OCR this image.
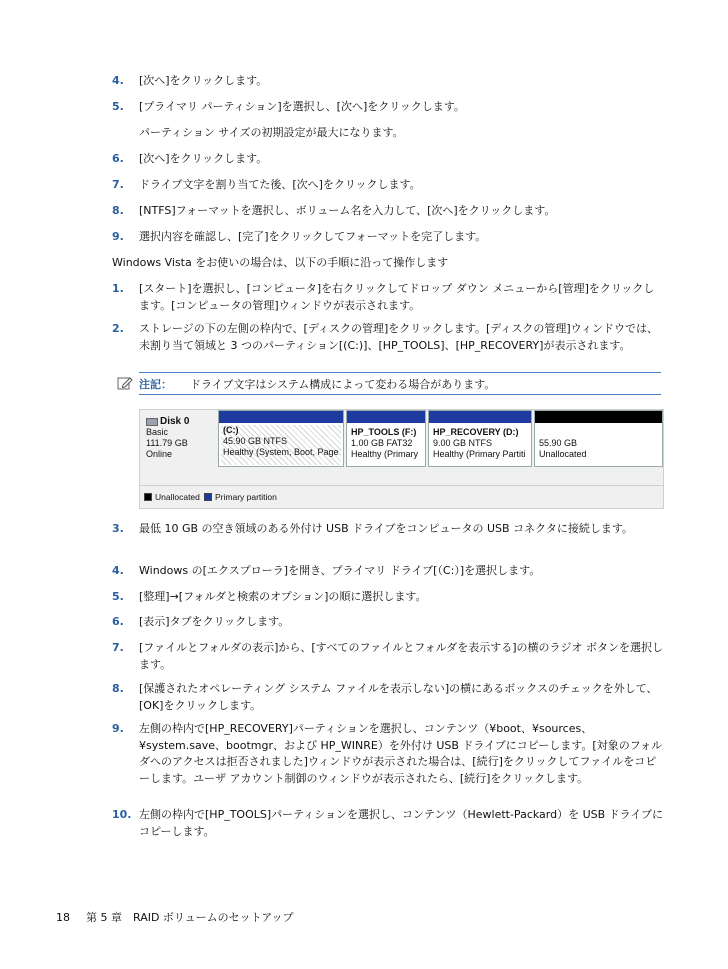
4.	[次へ]をクリックします。
5.	[プライマリ パーティション]を選択し、[次へ]をクリックします。
パーティション サイズの初期設定が最大になります。
6.	[次へ]をクリックします。
7.	ドライブ文字を割り当てた後、[次へ]をクリックします。
8.	[NTFS]フォーマットを選択し、ボリューム名を入力して、[次へ]をクリックします。
9.	選択内容を確認し、[完了]をクリックしてフォーマットを完了します。
Windows Vista をお使いの場合は、以下の手順に沿って操作します
1.	[スタート]を選択し、[コンピュータ]を右クリックしてドロップ ダウン メニューから[管理]をクリックします。[コンピュータの管理]ウィンドウが表示されます。
2.	ストレージの下の左側の枠内で、[ディスクの管理]をクリックします。[ディスクの管理]ウィンドウでは、未割り当て領域と 3 つのパーティション[(C:)]、[HP_TOOLS]、[HP_RECOVERY]が表示されます。
注記： ドライブ文字はシステム構成によって変わる場合があります。
Disk 0
Basic
111.79 GB
Online
(C:)
45.90 GB NTFS
Healthy (System, Boot, Page
HP_TOOLS (F:)
1.00 GB FAT32
Healthy (Primary
HP_RECOVERY (D:)
9.00 GB NTFS
Healthy (Primary Partiti
55.90 GB
Unallocated
Unallocated	Primary partition
3.	最低 10 GB の空き領域のある外付け USB ドライブをコンピュータの USB コネクタに接続します。
4.	Windows の[エクスプローラ]を開き、プライマリ ドライブ[（C:）]を選択します。
5.	[整理]→[フォルダと検索のオプション]の順に選択します。
6.	[表示]タブをクリックします。
7.	[ファイルとフォルダの表示]から、[すべてのファイルとフォルダを表示する]の横のラジオ ボタンを選択します。
8.	[保護されたオペレーティング システム ファイルを表示しない]の横にあるボックスのチェックを外して、[OK]をクリックします。
9.	左側の枠内で[HP_RECOVERY]パーティションを選択し、コンテンツ（¥boot、¥sources、¥system.save、bootmgr、および HP_WINRE）を外付け USB ドライブにコピーします。[対象のフォルダへのアクセスは拒否されました]ウィンドウが表示された場合は、[続行]をクリックしてファイルをコピーします。ユーザ アカウント制御のウィンドウが表示されたら、[続行]をクリックします。
10. 左側の枠内で[HP_TOOLS]パーティションを選択し、コンテンツ（Hewlett-Packard）を USB ドライブにコピーします。
18 第 5 章　RAID ボリュームのセットアップ
